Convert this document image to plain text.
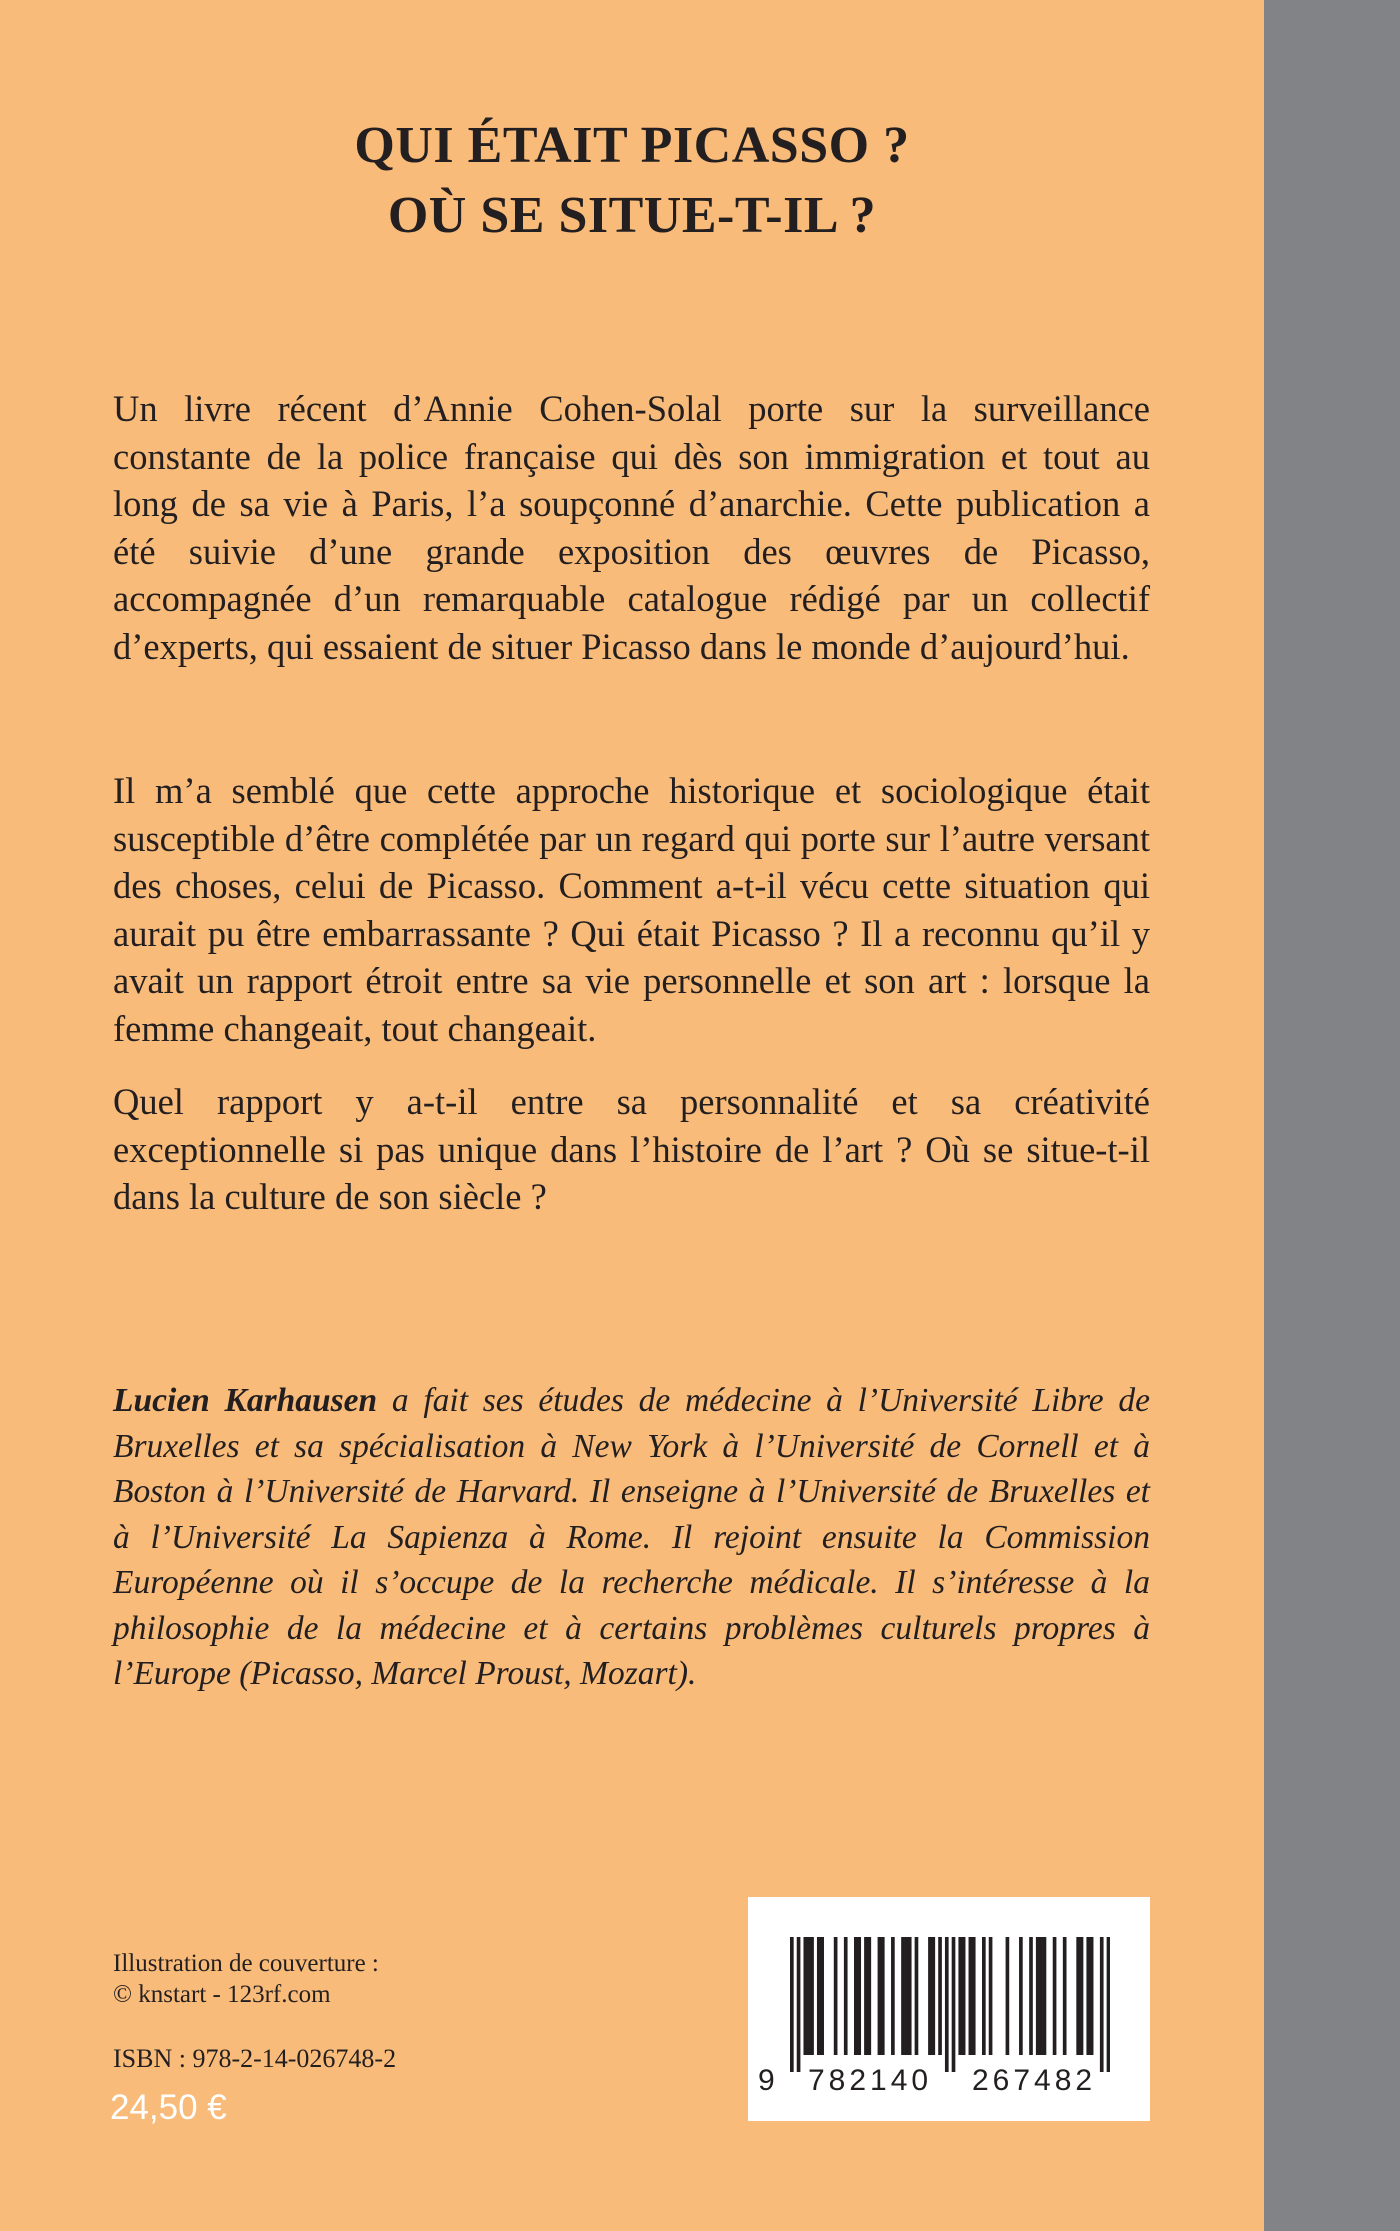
QUI ÉTAIT PICASSO ?
OÙ SE SITUE-T-IL ?

Un livre récent d’Annie Cohen-Solal porte sur la surveillance constante de la police française qui dès son immigration et tout au long de sa vie à Paris, l’a soupçonné d’anarchie. Cette publication a été suivie d’une grande exposition des œuvres de Picasso, accompagnée d’un remarquable catalogue rédigé par un collectif d’experts, qui essaient de situer Picasso dans le monde d’aujourd’hui.

Il m’a semblé que cette approche historique et sociologique était susceptible d’être complétée par un regard qui porte sur l’autre versant des choses, celui de Picasso. Comment a-t-il vécu cette situation qui aurait pu être embarrassante ? Qui était Picasso ? Il a reconnu qu’il y avait un rapport étroit entre sa vie personnelle et son art : lorsque la femme changeait, tout changeait.

Quel rapport y a-t-il entre sa personnalité et sa créativité exceptionnelle si pas unique dans l’histoire de l’art ? Où se situe-t-il dans la culture de son siècle ?

Lucien Karhausen a fait ses études de médecine à l’Université Libre de Bruxelles et sa spécialisation à New York à l’Université de Cornell et à Boston à l’Université de Harvard. Il enseigne à l’Université de Bruxelles et à l’Université La Sapienza à Rome. Il rejoint ensuite la Commission Européenne où il s’occupe de la recherche médicale. Il s’intéresse à la philosophie de la médecine et à certains problèmes culturels propres à l’Europe (Picasso, Marcel Proust, Mozart).

Illustration de couverture :
© knstart - 123rf.com

ISBN : 978-2-14-026748-2

24,50 €

9 782140 267482
